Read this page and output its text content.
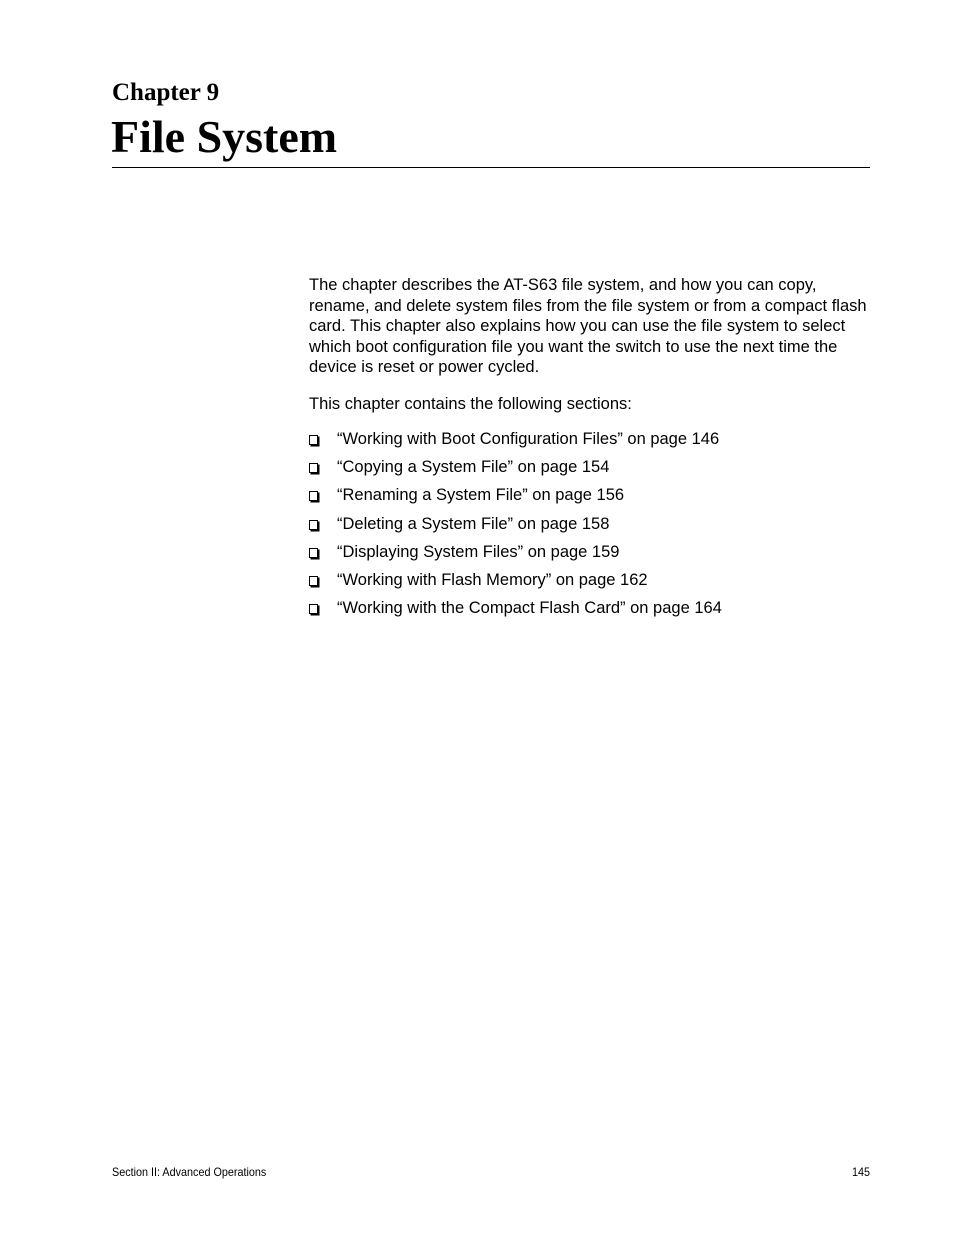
Chapter 9
File System

The chapter describes the AT-S63 file system, and how you can copy, rename, and delete system files from the file system or from a compact flash card. This chapter also explains how you can use the file system to select which boot configuration file you want the switch to use the next time the device is reset or power cycled.

This chapter contains the following sections:

“Working with Boot Configuration Files” on page 146
“Copying a System File” on page 154
“Renaming a System File” on page 156
“Deleting a System File” on page 158
“Displaying System Files” on page 159
“Working with Flash Memory” on page 162
“Working with the Compact Flash Card” on page 164
Section II: Advanced Operations	145
